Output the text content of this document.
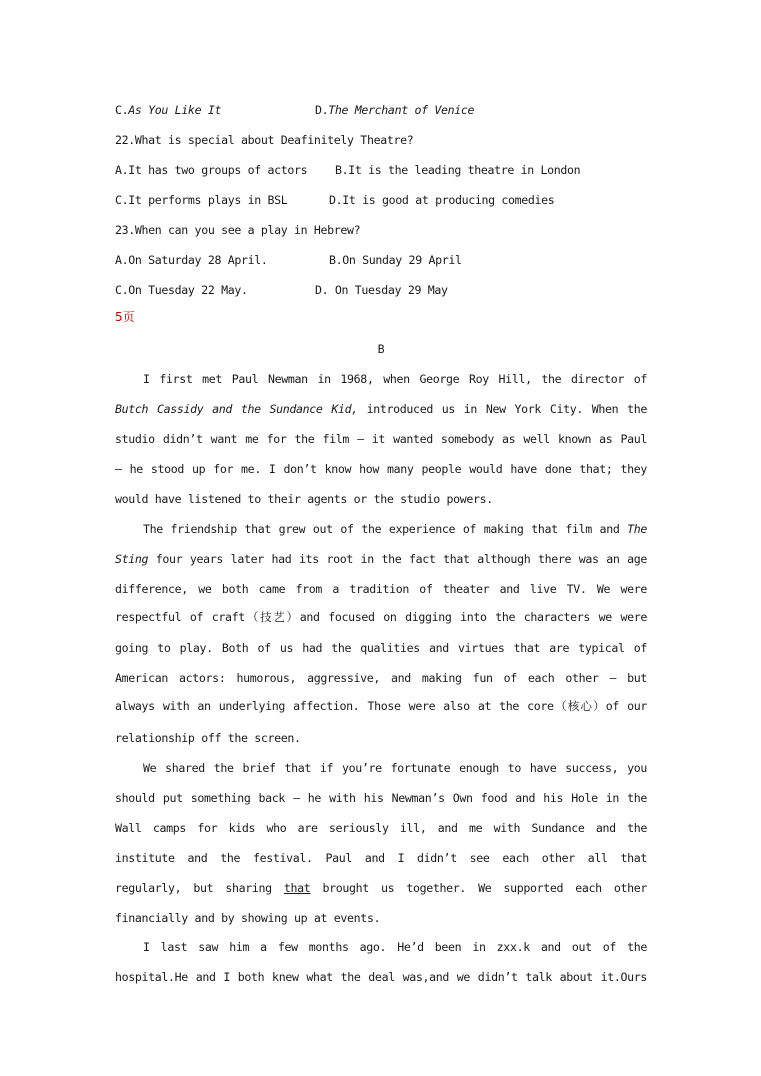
C.As You Like It	D.The Merchant of Venice
22.What is special about Deafinitely Theatre?
A.It has two groups of actors B.It is the leading theatre in London
C.It performs plays in BSL	D.It is good at producing comedies
23.When can you see a play in Hebrew?
A.On Saturday 28 April.	B.On Sunday 29 April
C.On Tuesday 22 May.	D. On Tuesday 29 May
5页
B
I first met Paul Newman in 1968, when George Roy Hill, the director of
Butch Cassidy and the Sundance Kid, introduced us in New York City. When the
studio didn’t want me for the film – it wanted somebody as well known as Paul
– he stood up for me. I don’t know how many people would have done that; they
would have listened to their agents or the studio powers.
The friendship that grew out of the experience of making that film and The
Sting four years later had its root in the fact that although there was an age
difference, we both came from a tradition of theater and live TV. We were
respectful of craft（技艺）and focused on digging into the characters we were
going to play. Both of us had the qualities and virtues that are typical of
American actors: humorous, aggressive, and making fun of each other – but
always with an underlying affection. Those were also at the core（核心）of our
relationship off the screen.
We shared the brief that if you’re fortunate enough to have success, you
should put something back – he with his Newman’s Own food and his Hole in the
Wall camps for kids who are seriously ill, and me with Sundance and the
institute and the festival. Paul and I didn’t see each other all that
regularly, but sharing that brought us together. We supported each other
financially and by showing up at events.
I last saw him a few months ago. He’d been in zxx.k and out of the
hospital.He and I both knew what the deal was,and we didn’t talk about it.Ours
